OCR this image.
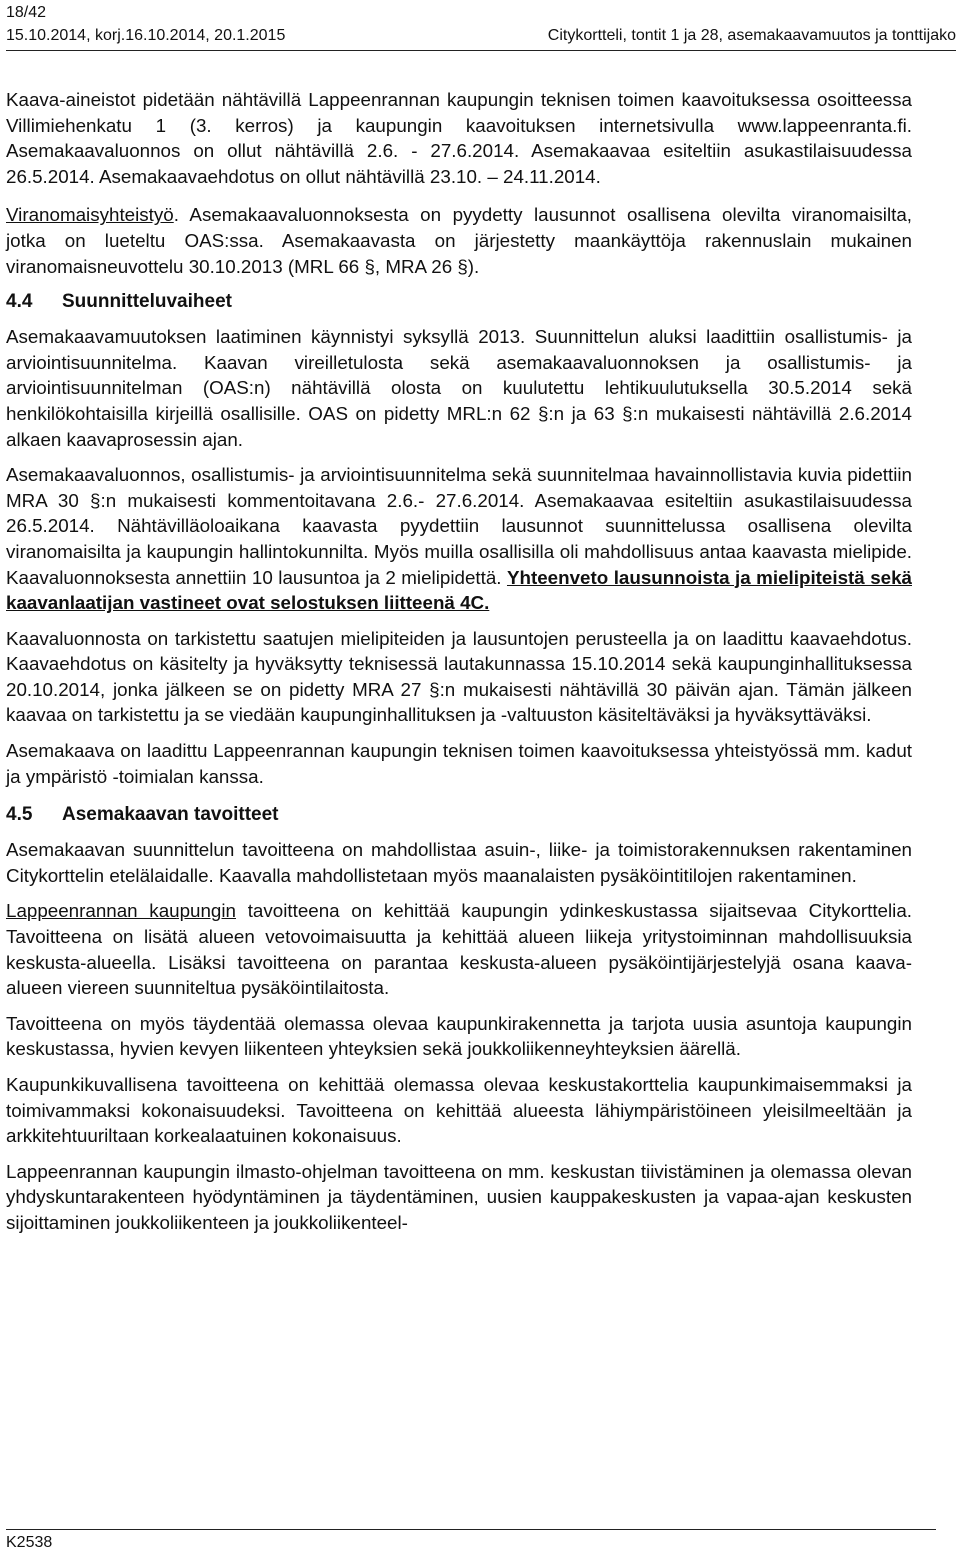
18/42
15.10.2014, korj.16.10.2014, 20.1.2015	Citykortteli, tontit 1 ja 28, asemakaavamuutos ja tonttijako

Kaava-aineistot pidetään nähtävillä Lappeenrannan kaupungin teknisen toimen kaavoituksessa osoitteessa Villimiehenkatu 1 (3. kerros) ja kaupungin kaavoituksen internetsivulla www.lappeenranta.fi. Asemakaavaluonnos on ollut nähtävillä 2.6. - 27.6.2014. Asemakaavaa esiteltiin asukastilaisuudessa 26.5.2014. Asemakaavaehdotus on ollut nähtävillä 23.10. – 24.11.2014.

Viranomaisyhteistyö. Asemakaavaluonnoksesta on pyydetty lausunnot osallisena olevilta viranomaisilta, jotka on lueteltu OAS:ssa. Asemakaavasta on järjestetty maankäyttöja rakennuslain mukainen viranomaisneuvottelu 30.10.2013 (MRL 66 §, MRA 26 §).

4.4 Suunnitteluvaiheet

Asemakaavamuutoksen laatiminen käynnistyi syksyllä 2013. Suunnittelun aluksi laadittiin osallistumis- ja arviointisuunnitelma. Kaavan vireilletulosta sekä asemakaavaluonnoksen ja osallistumis- ja arviointisuunnitelman (OAS:n) nähtävillä olosta on kuulutettu lehtikuulutuksella 30.5.2014 sekä henkilökohtaisilla kirjeillä osallisille. OAS on pidetty MRL:n 62 §:n ja 63 §:n mukaisesti nähtävillä 2.6.2014 alkaen kaavaprosessin ajan.

Asemakaavaluonnos, osallistumis- ja arviointisuunnitelma sekä suunnitelmaa havainnollistavia kuvia pidettiin MRA 30 §:n mukaisesti kommentoitavana 2.6.- 27.6.2014. Asemakaavaa esiteltiin asukastilaisuudessa 26.5.2014. Nähtävilläoloaikana kaavasta pyydettiin lausunnot suunnittelussa osallisena olevilta viranomaisilta ja kaupungin hallintokunnilta. Myös muilla osallisilla oli mahdollisuus antaa kaavasta mielipide. Kaavaluonnoksesta annettiin 10 lausuntoa ja 2 mielipidettä. Yhteenveto lausunnoista ja mielipiteistä sekä kaavanlaatijan vastineet ovat selostuksen liitteenä 4C.

Kaavaluonnosta on tarkistettu saatujen mielipiteiden ja lausuntojen perusteella ja on laadittu kaavaehdotus. Kaavaehdotus on käsitelty ja hyväksytty teknisessä lautakunnassa 15.10.2014 sekä kaupunginhallituksessa 20.10.2014, jonka jälkeen se on pidetty MRA 27 §:n mukaisesti nähtävillä 30 päivän ajan. Tämän jälkeen kaavaa on tarkistettu ja se viedään kaupunginhallituksen ja -valtuuston käsiteltäväksi ja hyväksyttäväksi.

Asemakaava on laadittu Lappeenrannan kaupungin teknisen toimen kaavoituksessa yhteistyössä mm. kadut ja ympäristö -toimialan kanssa.

4.5 Asemakaavan tavoitteet

Asemakaavan suunnittelun tavoitteena on mahdollistaa asuin-, liike- ja toimistorakennuksen rakentaminen Citykorttelin etelälaidalle. Kaavalla mahdollistetaan myös maanalaisten pysäköintitilojen rakentaminen.

Lappeenrannan kaupungin tavoitteena on kehittää kaupungin ydinkeskustassa sijaitsevaa Citykorttelia. Tavoitteena on lisätä alueen vetovoimaisuutta ja kehittää alueen liikeja yritystoiminnan mahdollisuuksia keskusta-alueella. Lisäksi tavoitteena on parantaa keskusta-alueen pysäköintijärjestelyjä osana kaava-alueen viereen suunniteltua pysäköintilaitosta.

Tavoitteena on myös täydentää olemassa olevaa kaupunkirakennetta ja tarjota uusia asuntoja kaupungin keskustassa, hyvien kevyen liikenteen yhteyksien sekä joukkoliikenneyhteyksien äärellä.

Kaupunkikuvallisena tavoitteena on kehittää olemassa olevaa keskustakorttelia kaupunkimaisemmaksi ja toimivammaksi kokonaisuudeksi. Tavoitteena on kehittää alueesta lähiympäristöineen yleisilmeeltään ja arkkitehtuuriltaan korkealaatuinen kokonaisuus.

Lappeenrannan kaupungin ilmasto-ohjelman tavoitteena on mm. keskustan tiivistäminen ja olemassa olevan yhdyskuntarakenteen hyödyntäminen ja täydentäminen, uusien kauppakeskusten ja vapaa-ajan keskusten sijoittaminen joukkoliikenteen ja joukkoliikenteel-

K2538
